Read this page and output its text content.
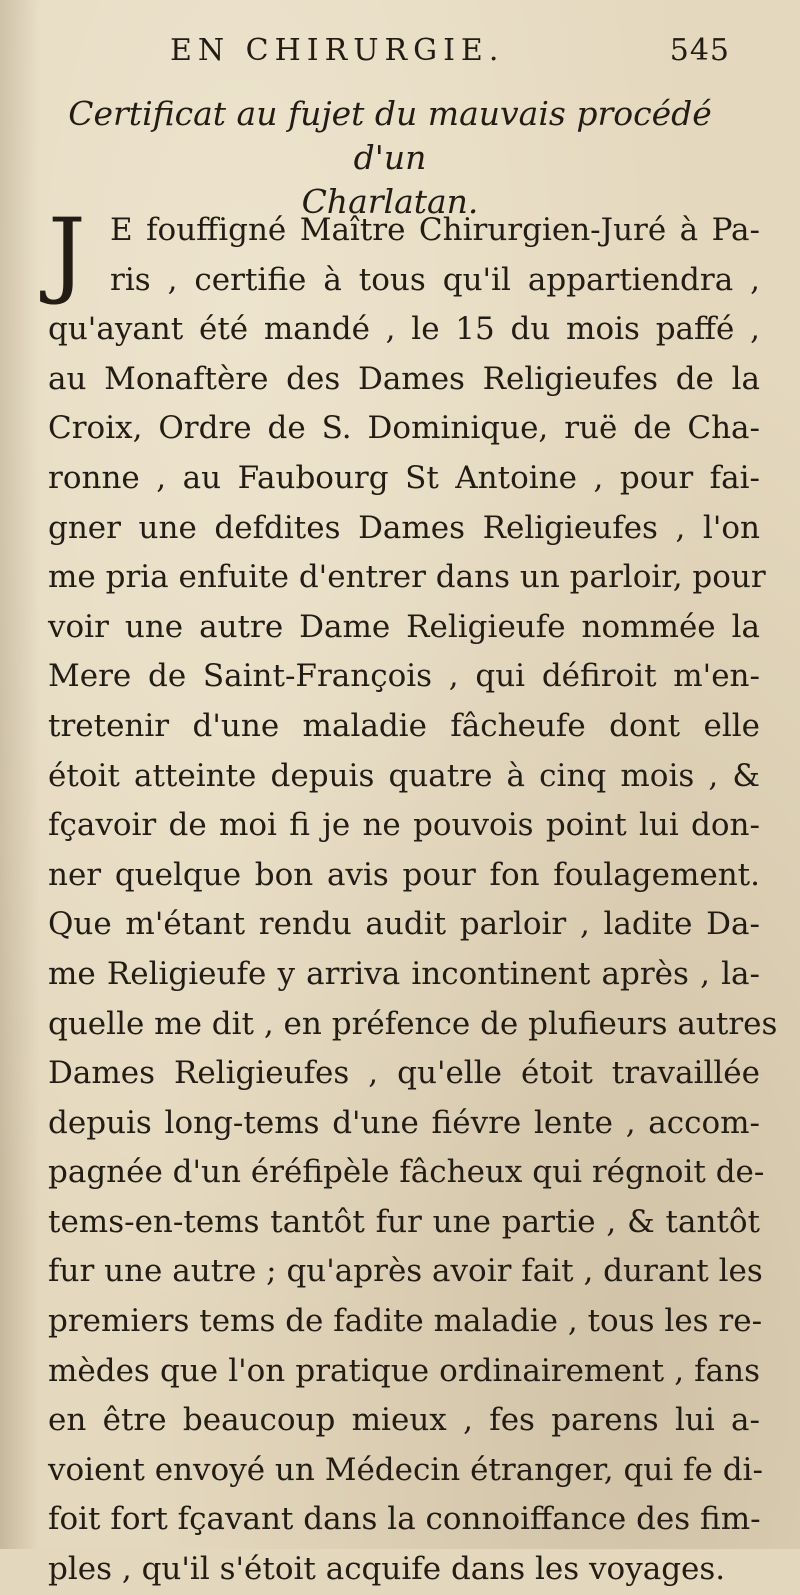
EN CHIRURGIE.	545
Certificat au fujet du mauvais procédé d'un
Charlatan.
J E fouffigné Maître Chirurgien-Juré à Pa-
ris , certifie à tous qu'il appartiendra ,
qu'ayant été mandé , le 15 du mois paffé ,
au Monaftère des Dames Religieufes de la
Croix, Ordre de S. Dominique, ruë de Cha-
ronne , au Faubourg St Antoine , pour fai-
gner une defdites Dames Religieufes , l'on
me pria enfuite d'entrer dans un parloir, pour
voir une autre Dame Religieufe nommée la
Mere de Saint-François , qui défiroit m'en-
tretenir d'une maladie fâcheufe dont elle
étoit atteinte depuis quatre à cinq mois , &
fçavoir de moi fi je ne pouvois point lui don-
ner quelque bon avis pour fon foulagement.
Que m'étant rendu audit parloir , ladite Da-
me Religieufe y arriva incontinent après , la-
quelle me dit , en préfence de plufieurs autres
Dames Religieufes , qu'elle étoit travaillée
depuis long-tems d'une fiévre lente , accom-
pagnée d'un éréfipèle fâcheux qui régnoit de-
tems-en-tems tantôt fur une partie , & tantôt
fur une autre ; qu'après avoir fait , durant les
premiers tems de fadite maladie , tous les re-
mèdes que l'on pratique ordinairement , fans
en être beaucoup mieux , fes parens lui a-
voient envoyé un Médecin étranger, qui fe di-
foit fort fçavant dans la connoiffance des fim-
ples , qu'il s'étoit acquife dans les voyages.
